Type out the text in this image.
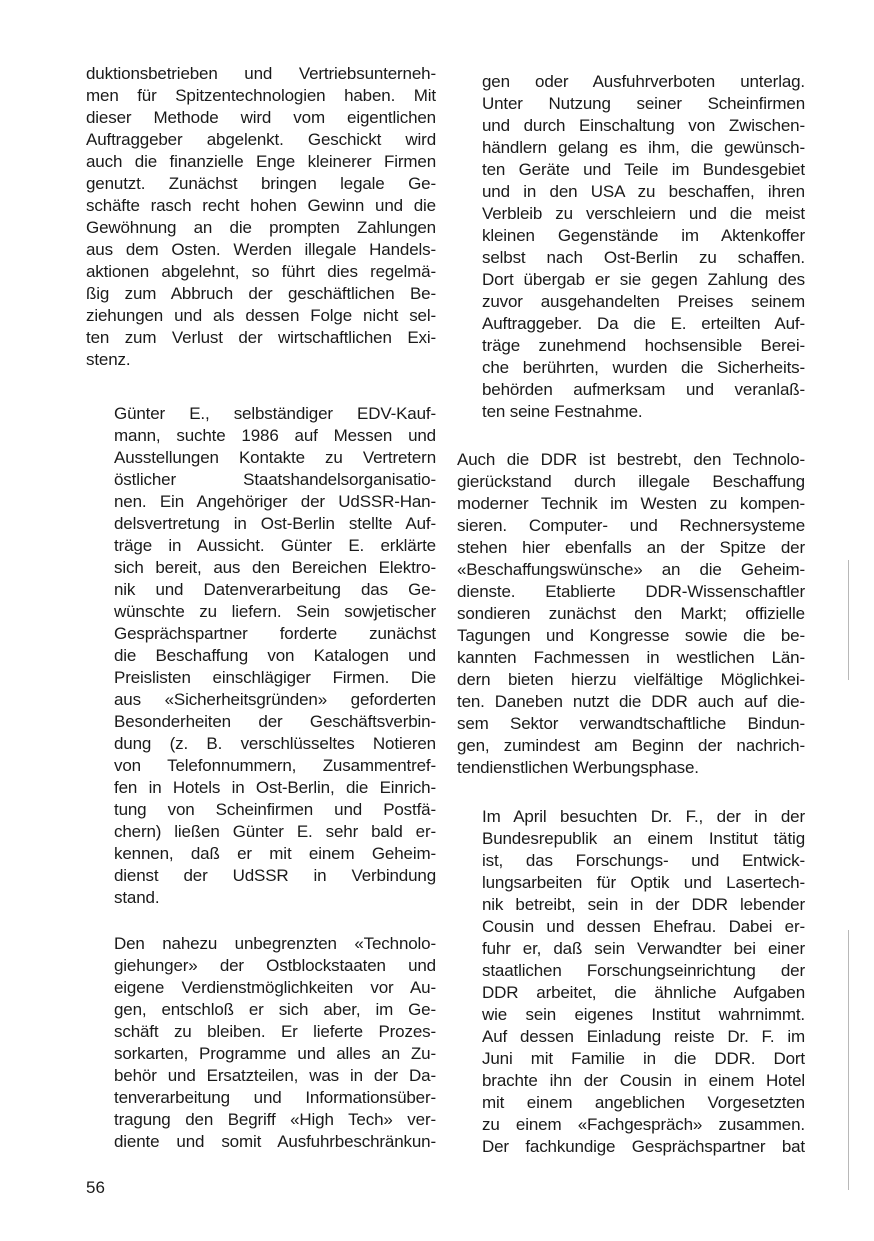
duktionsbetrieben und Vertriebsunterneh-
men für Spitzentechnologien haben. Mit
dieser Methode wird vom eigentlichen
Auftraggeber abgelenkt. Geschickt wird
auch die finanzielle Enge kleinerer Firmen
genutzt. Zunächst bringen legale Ge-
schäfte rasch recht hohen Gewinn und die
Gewöhnung an die prompten Zahlungen
aus dem Osten. Werden illegale Handels-
aktionen abgelehnt, so führt dies regelmä-
ßig zum Abbruch der geschäftlichen Be-
ziehungen und als dessen Folge nicht sel-
ten zum Verlust der wirtschaftlichen Exi-
stenz.
Günter E., selbständiger EDV-Kauf-
mann, suchte 1986 auf Messen und
Ausstellungen Kontakte zu Vertretern
östlicher Staatshandelsorganisatio-
nen. Ein Angehöriger der UdSSR-Han-
delsvertretung in Ost-Berlin stellte Auf-
träge in Aussicht. Günter E. erklärte
sich bereit, aus den Bereichen Elektro-
nik und Datenverarbeitung das Ge-
wünschte zu liefern. Sein sowjetischer
Gesprächspartner forderte zunächst
die Beschaffung von Katalogen und
Preislisten einschlägiger Firmen. Die
aus «Sicherheitsgründen» geforderten
Besonderheiten der Geschäftsverbin-
dung (z. B. verschlüsseltes Notieren
von Telefonnummern, Zusammentref-
fen in Hotels in Ost-Berlin, die Einrich-
tung von Scheinfirmen und Postfä-
chern) ließen Günter E. sehr bald er-
kennen, daß er mit einem Geheim-
dienst der UdSSR in Verbindung
stand.
Den nahezu unbegrenzten «Technolo-
giehunger» der Ostblockstaaten und
eigene Verdienstmöglichkeiten vor Au-
gen, entschloß er sich aber, im Ge-
schäft zu bleiben. Er lieferte Prozes-
sorkarten, Programme und alles an Zu-
behör und Ersatzteilen, was in der Da-
tenverarbeitung und Informationsüber-
tragung den Begriff «High Tech» ver-
diente und somit Ausfuhrbeschränkun-
gen oder Ausfuhrverboten unterlag.
Unter Nutzung seiner Scheinfirmen
und durch Einschaltung von Zwischen-
händlern gelang es ihm, die gewünsch-
ten Geräte und Teile im Bundesgebiet
und in den USA zu beschaffen, ihren
Verbleib zu verschleiern und die meist
kleinen Gegenstände im Aktenkoffer
selbst nach Ost-Berlin zu schaffen.
Dort übergab er sie gegen Zahlung des
zuvor ausgehandelten Preises seinem
Auftraggeber. Da die E. erteilten Auf-
träge zunehmend hochsensible Berei-
che berührten, wurden die Sicherheits-
behörden aufmerksam und veranlaß-
ten seine Festnahme.
Auch die DDR ist bestrebt, den Technolo-
gierückstand durch illegale Beschaffung
moderner Technik im Westen zu kompen-
sieren. Computer- und Rechnersysteme
stehen hier ebenfalls an der Spitze der
«Beschaffungswünsche» an die Geheim-
dienste. Etablierte DDR-Wissenschaftler
sondieren zunächst den Markt; offizielle
Tagungen und Kongresse sowie die be-
kannten Fachmessen in westlichen Län-
dern bieten hierzu vielfältige Möglichkei-
ten. Daneben nutzt die DDR auch auf die-
sem Sektor verwandtschaftliche Bindun-
gen, zumindest am Beginn der nachrich-
tendienstlichen Werbungsphase.
Im April besuchten Dr. F., der in der
Bundesrepublik an einem Institut tätig
ist, das Forschungs- und Entwick-
lungsarbeiten für Optik und Lasertech-
nik betreibt, sein in der DDR lebender
Cousin und dessen Ehefrau. Dabei er-
fuhr er, daß sein Verwandter bei einer
staatlichen Forschungseinrichtung der
DDR arbeitet, die ähnliche Aufgaben
wie sein eigenes Institut wahrnimmt.
Auf dessen Einladung reiste Dr. F. im
Juni mit Familie in die DDR. Dort
brachte ihn der Cousin in einem Hotel
mit einem angeblichen Vorgesetzten
zu einem «Fachgespräch» zusammen.
Der fachkundige Gesprächspartner bat
56
